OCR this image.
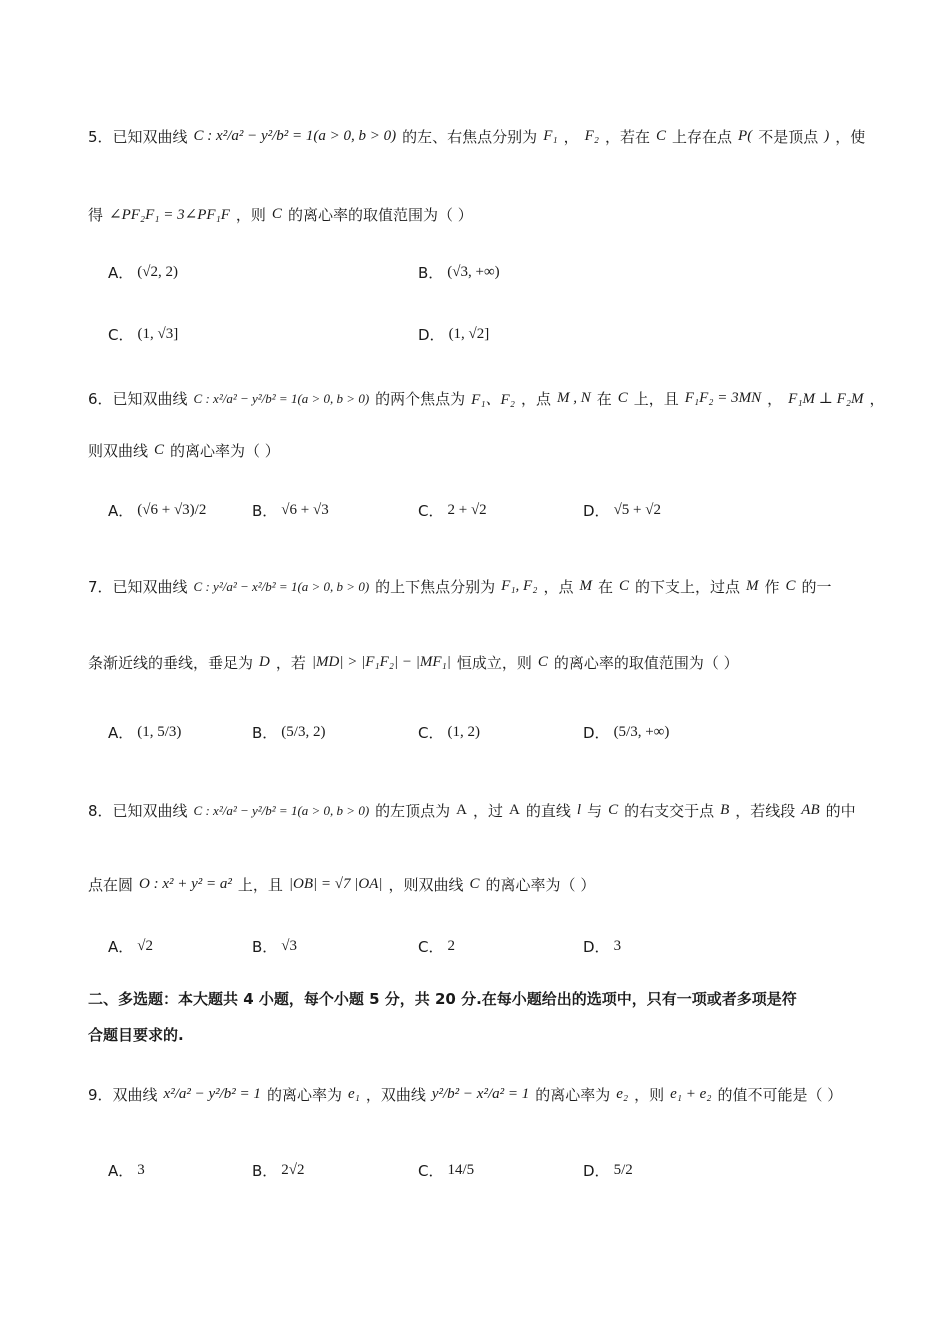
5．已知双曲线 C : x²/a² − y²/b² = 1(a > 0, b > 0) 的左、右焦点分别为 F₁ ， F₂ ，若在 C 上存在点 P( 不是顶点 ) ，使
得 ∠PF₂F₁ = 3∠PF₁F ，则 C 的离心率的取值范围为（ ）
A． (√2, 2)	B． (√3, +∞)
C． (1, √3]	D． (1, √2]
6．已知双曲线 C : x²/a² − y²/b² = 1(a > 0, b > 0) 的两个焦点为 F₁、F₂ ，点 M , N 在 C 上，且 F₁F₂ = 3MN ， F₁M ⊥ F₂M ，
则双曲线 C 的离心率为（ ）
A． (√6 + √3)/2	B． √6 + √3	C． 2 + √2	D． √5 + √2
7．已知双曲线 C : y²/a² − x²/b² = 1(a > 0, b > 0) 的上下焦点分别为 F₁, F₂ ，点 M 在 C 的下支上，过点 M 作 C 的一
条渐近线的垂线，垂足为 D ，若 |MD| > |F₁F₂| − |MF₁| 恒成立，则 C 的离心率的取值范围为（ ）
A． (1, 5/3)	B． (5/3, 2)	C． (1, 2)	D． (5/3, +∞)
8．已知双曲线 C : x²/a² − y²/b² = 1(a > 0, b > 0) 的左顶点为 A ，过 A 的直线 l 与 C 的右支交于点 B ，若线段 AB 的中
点在圆 O : x² + y² = a² 上，且 |OB| = √7 |OA| ，则双曲线 C 的离心率为（ ）
A． √2	B． √3	C． 2	D． 3
二、多选题：本大题共 4 小题，每个小题 5 分，共 20 分.在每小题给出的选项中，只有一项或者多项是符
合题目要求的.
9．双曲线 x²/a² − y²/b² = 1 的离心率为 e₁ ，双曲线 y²/b² − x²/a² = 1 的离心率为 e₂ ，则 e₁ + e₂ 的值不可能是（ ）
A． 3	B． 2√2	C． 14/5	D． 5/2
